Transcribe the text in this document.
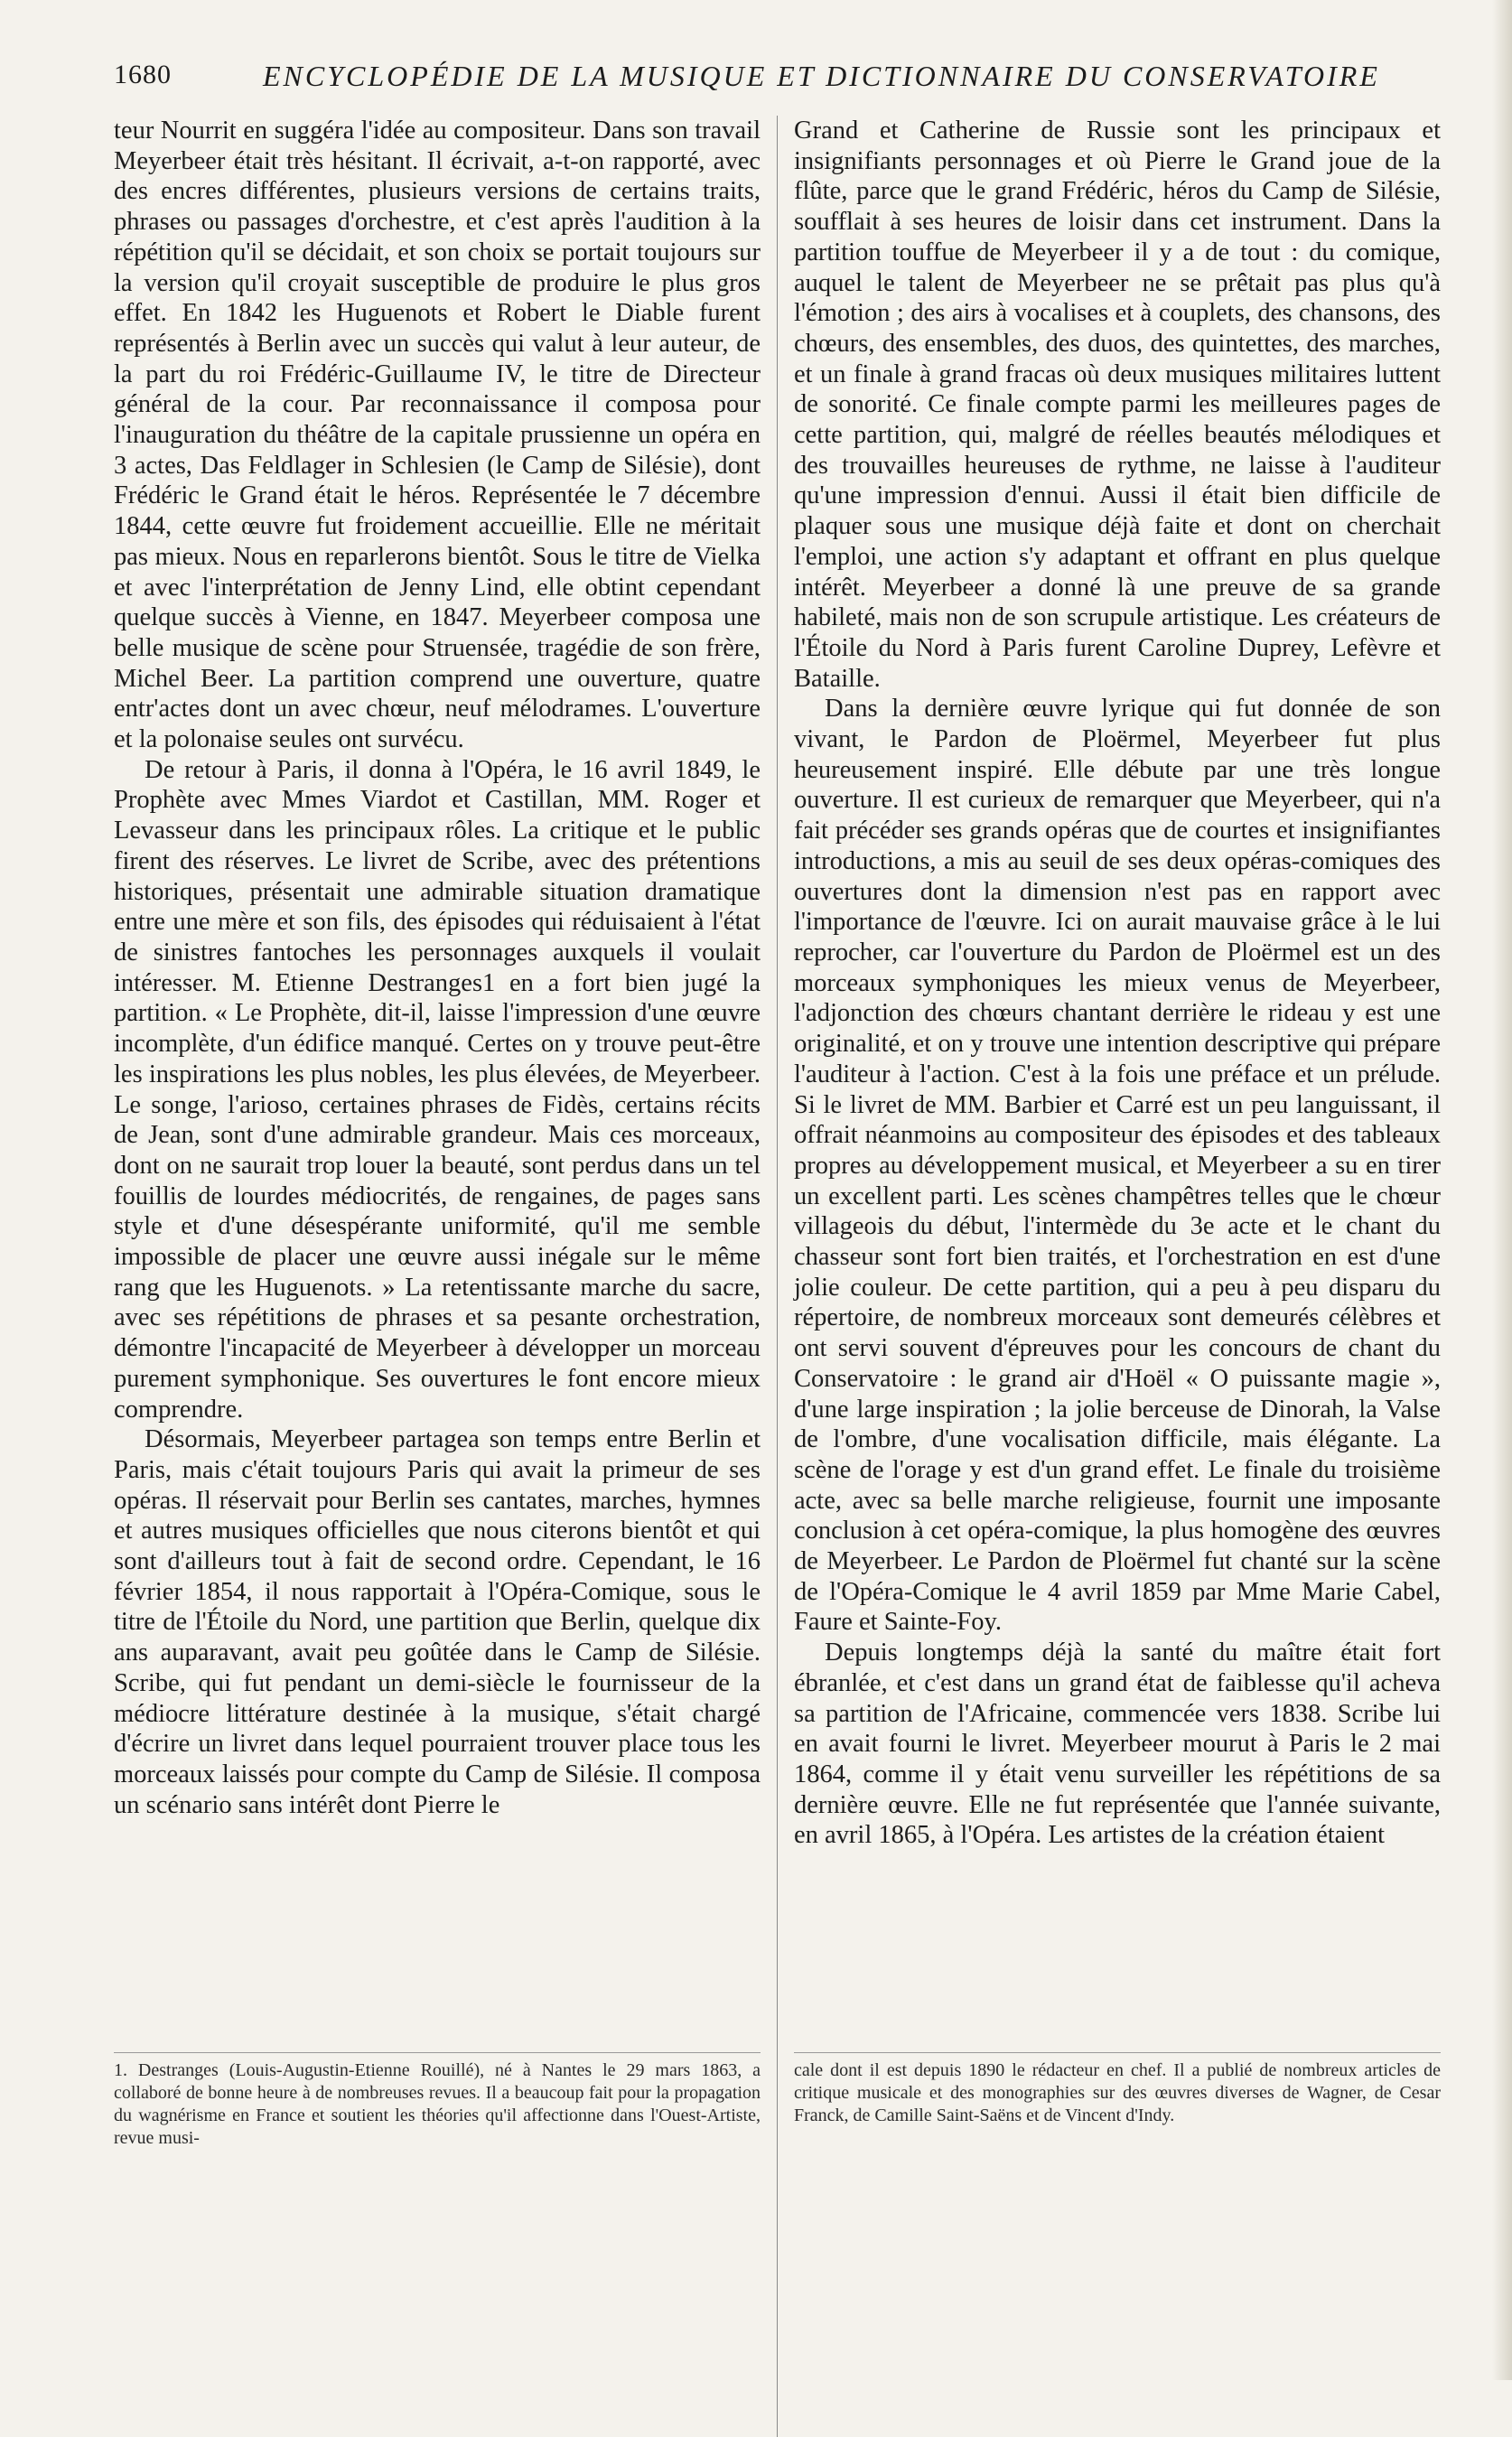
1680	ENCYCLOPÉDIE DE LA MUSIQUE ET DICTIONNAIRE DU CONSERVATOIRE

teur Nourrit en suggéra l'idée au compositeur. Dans son travail Meyerbeer était très hésitant. Il écrivait, a-t-on rapporté, avec des encres différentes, plusieurs versions de certains traits, phrases ou passages d'orchestre, et c'est après l'audition à la répétition qu'il se décidait, et son choix se portait toujours sur la version qu'il croyait susceptible de produire le plus gros effet. En 1842 les Huguenots et Robert le Diable furent représentés à Berlin avec un succès qui valut à leur auteur, de la part du roi Frédéric-Guillaume IV, le titre de Directeur général de la cour. Par reconnaissance il composa pour l'inauguration du théâtre de la capitale prussienne un opéra en 3 actes, Das Feldlager in Schlesien (le Camp de Silésie), dont Frédéric le Grand était le héros. Représentée le 7 décembre 1844, cette œuvre fut froidement accueillie. Elle ne méritait pas mieux. Nous en reparlerons bientôt. Sous le titre de Vielka et avec l'interprétation de Jenny Lind, elle obtint cependant quelque succès à Vienne, en 1847. Meyerbeer composa une belle musique de scène pour Struensée, tragédie de son frère, Michel Beer. La partition comprend une ouverture, quatre entr'actes dont un avec chœur, neuf mélodrames. L'ouverture et la polonaise seules ont survécu.

De retour à Paris, il donna à l'Opéra, le 16 avril 1849, le Prophète avec Mmes Viardot et Castillan, MM. Roger et Levasseur dans les principaux rôles. La critique et le public firent des réserves. Le livret de Scribe, avec des prétentions historiques, présentait une admirable situation dramatique entre une mère et son fils, des épisodes qui réduisaient à l'état de sinistres fantoches les personnages auxquels il voulait intéresser. M. Etienne Destranges1 en a fort bien jugé la partition. « Le Prophète, dit-il, laisse l'impression d'une œuvre incomplète, d'un édifice manqué. Certes on y trouve peut-être les inspirations les plus nobles, les plus élevées, de Meyerbeer. Le songe, l'arioso, certaines phrases de Fidès, certains récits de Jean, sont d'une admirable grandeur. Mais ces morceaux, dont on ne saurait trop louer la beauté, sont perdus dans un tel fouillis de lourdes médiocrités, de rengaines, de pages sans style et d'une désespérante uniformité, qu'il me semble impossible de placer une œuvre aussi inégale sur le même rang que les Huguenots. » La retentissante marche du sacre, avec ses répétitions de phrases et sa pesante orchestration, démontre l'incapacité de Meyerbeer à développer un morceau purement symphonique. Ses ouvertures le font encore mieux comprendre.

Désormais, Meyerbeer partagea son temps entre Berlin et Paris, mais c'était toujours Paris qui avait la primeur de ses opéras. Il réservait pour Berlin ses cantates, marches, hymnes et autres musiques officielles que nous citerons bientôt et qui sont d'ailleurs tout à fait de second ordre. Cependant, le 16 février 1854, il nous rapportait à l'Opéra-Comique, sous le titre de l'Étoile du Nord, une partition que Berlin, quelque dix ans auparavant, avait peu goûtée dans le Camp de Silésie. Scribe, qui fut pendant un demi-siècle le fournisseur de la médiocre littérature destinée à la musique, s'était chargé d'écrire un livret dans lequel pourraient trouver place tous les morceaux laissés pour compte du Camp de Silésie. Il composa un scénario sans intérêt dont Pierre le

Grand et Catherine de Russie sont les principaux et insignifiants personnages et où Pierre le Grand joue de la flûte, parce que le grand Frédéric, héros du Camp de Silésie, soufflait à ses heures de loisir dans cet instrument. Dans la partition touffue de Meyerbeer il y a de tout : du comique, auquel le talent de Meyerbeer ne se prêtait pas plus qu'à l'émotion ; des airs à vocalises et à couplets, des chansons, des chœurs, des ensembles, des duos, des quintettes, des marches, et un finale à grand fracas où deux musiques militaires luttent de sonorité. Ce finale compte parmi les meilleures pages de cette partition, qui, malgré de réelles beautés mélodiques et des trouvailles heureuses de rythme, ne laisse à l'auditeur qu'une impression d'ennui. Aussi il était bien difficile de plaquer sous une musique déjà faite et dont on cherchait l'emploi, une action s'y adaptant et offrant en plus quelque intérêt. Meyerbeer a donné là une preuve de sa grande habileté, mais non de son scrupule artistique. Les créateurs de l'Étoile du Nord à Paris furent Caroline Duprey, Lefèvre et Bataille.

Dans la dernière œuvre lyrique qui fut donnée de son vivant, le Pardon de Ploërmel, Meyerbeer fut plus heureusement inspiré. Elle débute par une très longue ouverture. Il est curieux de remarquer que Meyerbeer, qui n'a fait précéder ses grands opéras que de courtes et insignifiantes introductions, a mis au seuil de ses deux opéras-comiques des ouvertures dont la dimension n'est pas en rapport avec l'importance de l'œuvre. Ici on aurait mauvaise grâce à le lui reprocher, car l'ouverture du Pardon de Ploërmel est un des morceaux symphoniques les mieux venus de Meyerbeer, l'adjonction des chœurs chantant derrière le rideau y est une originalité, et on y trouve une intention descriptive qui prépare l'auditeur à l'action. C'est à la fois une préface et un prélude. Si le livret de MM. Barbier et Carré est un peu languissant, il offrait néanmoins au compositeur des épisodes et des tableaux propres au développement musical, et Meyerbeer a su en tirer un excellent parti. Les scènes champêtres telles que le chœur villageois du début, l'intermède du 3e acte et le chant du chasseur sont fort bien traités, et l'orchestration en est d'une jolie couleur. De cette partition, qui a peu à peu disparu du répertoire, de nombreux morceaux sont demeurés célèbres et ont servi souvent d'épreuves pour les concours de chant du Conservatoire : le grand air d'Hoël « O puissante magie », d'une large inspiration ; la jolie berceuse de Dinorah, la Valse de l'ombre, d'une vocalisation difficile, mais élégante. La scène de l'orage y est d'un grand effet. Le finale du troisième acte, avec sa belle marche religieuse, fournit une imposante conclusion à cet opéra-comique, la plus homogène des œuvres de Meyerbeer. Le Pardon de Ploërmel fut chanté sur la scène de l'Opéra-Comique le 4 avril 1859 par Mme Marie Cabel, Faure et Sainte-Foy.

Depuis longtemps déjà la santé du maître était fort ébranlée, et c'est dans un grand état de faiblesse qu'il acheva sa partition de l'Africaine, commencée vers 1838. Scribe lui en avait fourni le livret. Meyerbeer mourut à Paris le 2 mai 1864, comme il y était venu surveiller les répétitions de sa dernière œuvre. Elle ne fut représentée que l'année suivante, en avril 1865, à l'Opéra. Les artistes de la création étaient

1. Destranges (Louis-Augustin-Etienne Rouillé), né à Nantes le 29 mars 1863, a collaboré de bonne heure à de nombreuses revues. Il a beaucoup fait pour la propagation du wagnérisme en France et soutient les théories qu'il affectionne dans l'Ouest-Artiste, revue musi-
cale dont il est depuis 1890 le rédacteur en chef. Il a publié de nombreux articles de critique musicale et des monographies sur des œuvres diverses de Wagner, de Cesar Franck, de Camille Saint-Saëns et de Vincent d'Indy.
